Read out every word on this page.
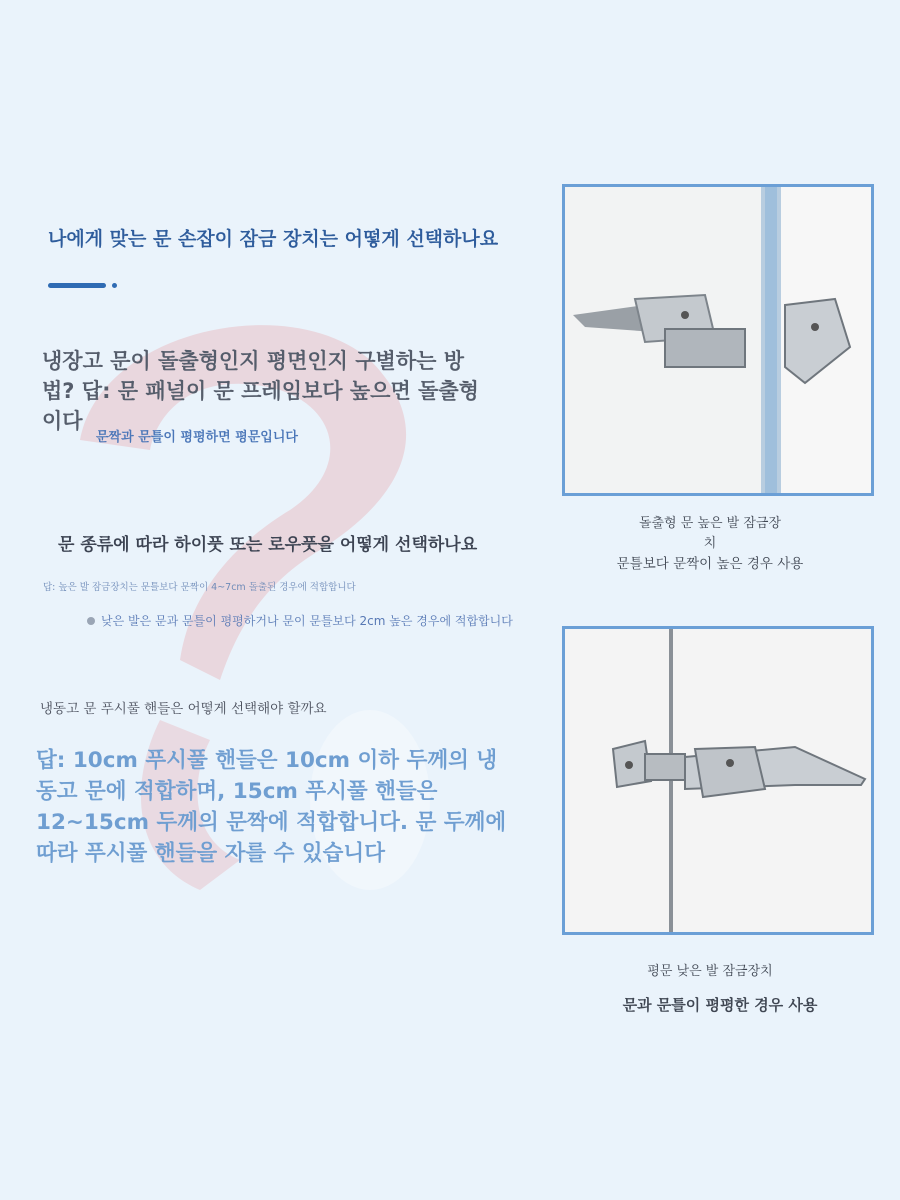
나에게 맞는 문 손잡이 잠금 장치는 어떻게 선택하나요
냉장고 문이 돌출형인지 평면인지 구별하는 방법? 답: 문 패널이 문 프레임보다 높으면 돌출형이다
문짝과 문틀이 평평하면 평문입니다
문 종류에 따라 하이풋 또는 로우풋을 어떻게 선택하나요
답: 높은 발 잠금장치는 문틀보다 문짝이 4~7cm 돌출된 경우에 적합합니다
낮은 발은 문과 문틀이 평평하거나 문이 문틀보다 2cm 높은 경우에 적합합니다
냉동고 문 푸시풀 핸들은 어떻게 선택해야 할까요
답: 10cm 푸시풀 핸들은 10cm 이하 두께의 냉동고 문에 적합하며, 15cm 푸시풀 핸들은 12~15cm 두께의 문짝에 적합합니다. 문 두께에 따라 푸시풀 핸들을 자를 수 있습니다
돌출형 문 높은 발 잠금장치
문틀보다 문짝이 높은 경우 사용
평문 낮은 발 잠금장치
문과 문틀이 평평한 경우 사용
